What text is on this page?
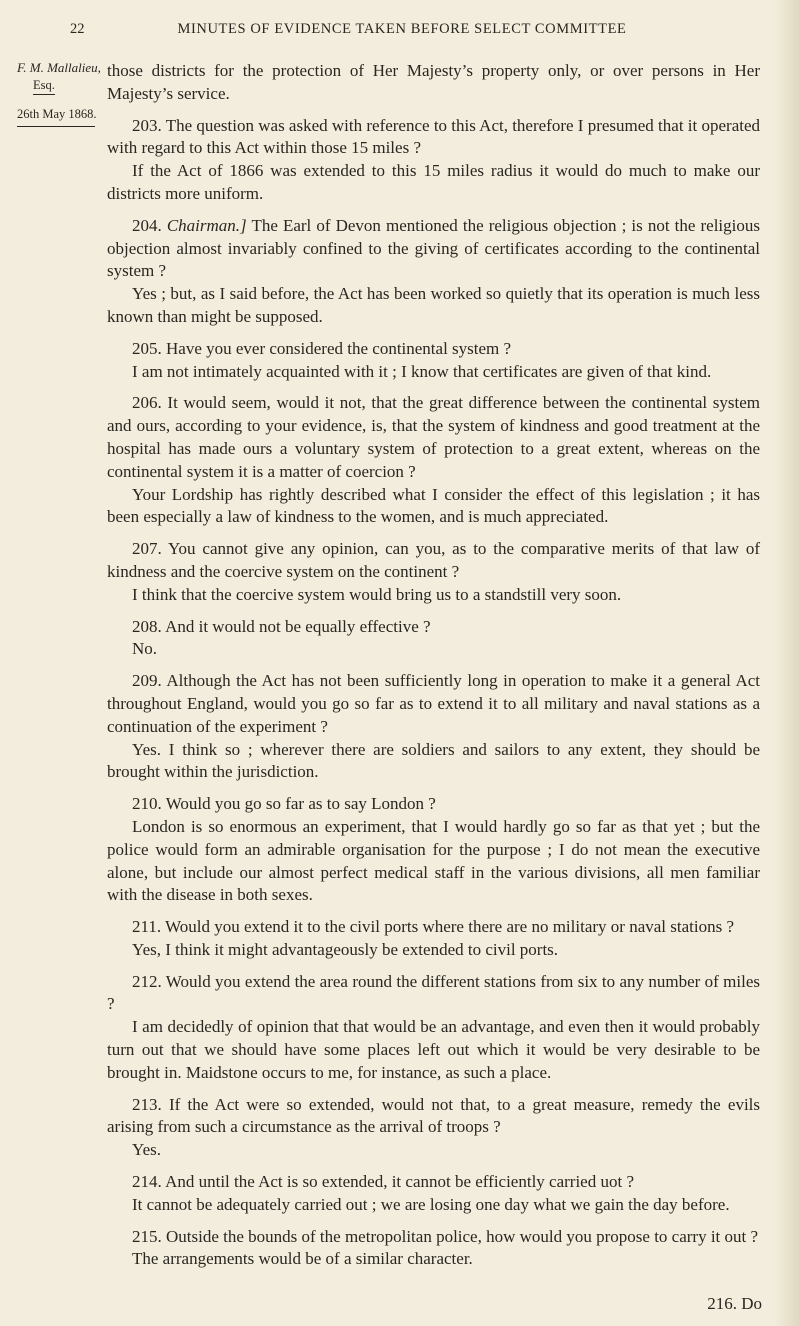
22	MINUTES OF EVIDENCE TAKEN BEFORE SELECT COMMITTEE
F. M. Mallalieu,
Esq.
26th May 1868.

those districts for the protection of Her Majesty’s property only, or over persons in Her Majesty’s service.

203. The question was asked with reference to this Act, therefore I presumed that it operated with regard to this Act within those 15 miles ?

If the Act of 1866 was extended to this 15 miles radius it would do much to make our districts more uniform.

204. Chairman.] The Earl of Devon mentioned the religious objection ; is not the religious objection almost invariably confined to the giving of certificates according to the continental system ?

Yes ; but, as I said before, the Act has been worked so quietly that its operation is much less known than might be supposed.

205. Have you ever considered the continental system ?

I am not intimately acquainted with it ; I know that certificates are given of that kind.

206. It would seem, would it not, that the great difference between the continental system and ours, according to your evidence, is, that the system of kindness and good treatment at the hospital has made ours a voluntary system of protection to a great extent, whereas on the continental system it is a matter of coercion ?

Your Lordship has rightly described what I consider the effect of this legislation ; it has been especially a law of kindness to the women, and is much appreciated.

207. You cannot give any opinion, can you, as to the comparative merits of that law of kindness and the coercive system on the continent ?

I think that the coercive system would bring us to a standstill very soon.

208. And it would not be equally effective ?

No.

209. Although the Act has not been sufficiently long in operation to make it a general Act throughout England, would you go so far as to extend it to all military and naval stations as a continuation of the experiment ?

Yes. I think so ; wherever there are soldiers and sailors to any extent, they should be brought within the jurisdiction.

210. Would you go so far as to say London ?

London is so enormous an experiment, that I would hardly go so far as that yet ; but the police would form an admirable organisation for the purpose ; I do not mean the executive alone, but include our almost perfect medical staff in the various divisions, all men familiar with the disease in both sexes.

211. Would you extend it to the civil ports where there are no military or naval stations ?

Yes, I think it might advantageously be extended to civil ports.

212. Would you extend the area round the different stations from six to any number of miles ?

I am decidedly of opinion that that would be an advantage, and even then it would probably turn out that we should have some places left out which it would be very desirable to be brought in. Maidstone occurs to me, for instance, as such a place.

213. If the Act were so extended, would not that, to a great measure, remedy the evils arising from such a circumstance as the arrival of troops ?

Yes.

214. And until the Act is so extended, it cannot be efficiently carried uot ?

It cannot be adequately carried out ; we are losing one day what we gain the day before.

215. Outside the bounds of the metropolitan police, how would you propose to carry it out ?

The arrangements would be of a similar character.

216. Do
